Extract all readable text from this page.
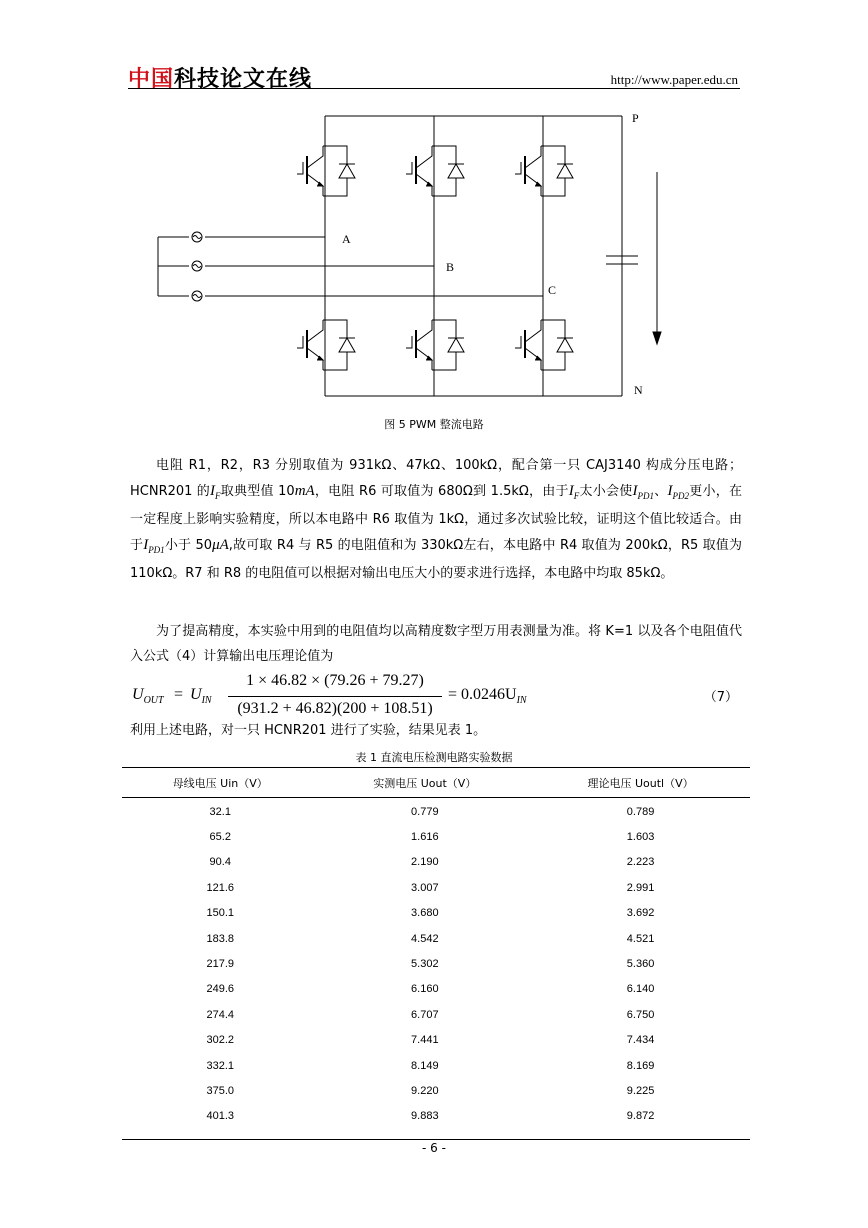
中国科技论文在线	http://www.paper.edu.cn
P
N
A
B
C
图 5 PWM 整流电路
电阻 R1，R2，R3 分别取值为 931kΩ、47kΩ、100kΩ，配合第一只 CAJ3140 构成分压电路；HCNR201 的$I_F$取典型值 10mA，电阻 R6 可取值为 680Ω到 1.5kΩ，由于$I_F$太小会使$I_{PD1}$、$I_{PD2}$更小，在一定程度上影响实验精度，所以本电路中 R6 取值为 1kΩ，通过多次试验比较，证明这个值比较适合。由于$I_{PD1}$小于 50μA,故可取 R4 与 R5 的电阻值和为 330kΩ左右，本电路中 R4 取值为 200kΩ，R5 取值为 110kΩ。R7 和 R8 的电阻值可以根据对输出电压大小的要求进行选择，本电路中均取 85kΩ。
为了提高精度，本实验中用到的电阻值均以高精度数字型万用表测量为准。将 K=1 以及各个电阻值代入公式（4）计算输出电压理论值为
$U_{OUT} = U_{IN}$
1 × 46.82 × (79.26 + 79.27)
(931.2 + 46.82)(200 + 108.51)
= $0.0246U_{IN}$	（7）
利用上述电路，对一只 HCNR201 进行了实验，结果见表 1。
表 1 直流电压检测电路实验数据
母线电压 Uin（V）	实测电压 Uout（V）	理论电压 Uoutl（V）
32.1	0.779	0.789
65.2	1.616	1.603
90.4	2.190	2.223
121.6	3.007	2.991
150.1	3.680	3.692
183.8	4.542	4.521
217.9	5.302	5.360
249.6	6.160	6.140
274.4	6.707	6.750
302.2	7.441	7.434
332.1	8.149	8.169
375.0	9.220	9.225
401.3	9.883	9.872

- 6 -
